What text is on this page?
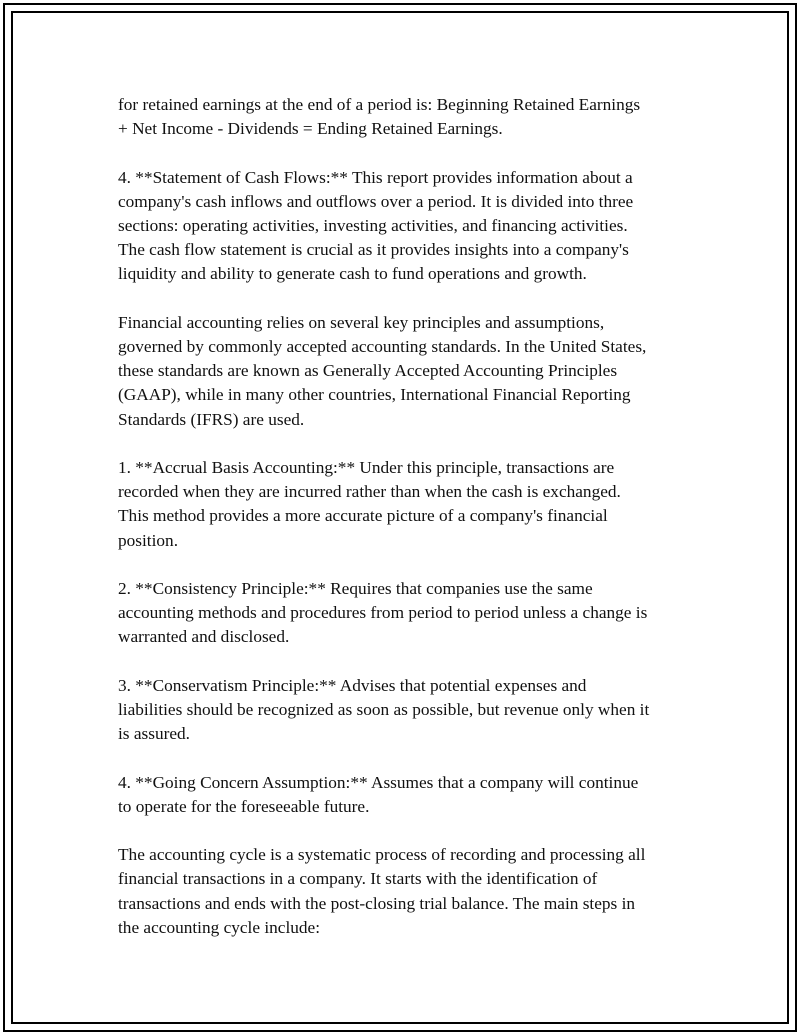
for retained earnings at the end of a period is: Beginning Retained Earnings
+ Net Income - Dividends = Ending Retained Earnings.

4. **Statement of Cash Flows:** This report provides information about a
company's cash inflows and outflows over a period. It is divided into three
sections: operating activities, investing activities, and financing activities.
The cash flow statement is crucial as it provides insights into a company's
liquidity and ability to generate cash to fund operations and growth.

Financial accounting relies on several key principles and assumptions,
governed by commonly accepted accounting standards. In the United States,
these standards are known as Generally Accepted Accounting Principles
(GAAP), while in many other countries, International Financial Reporting
Standards (IFRS) are used.

1. **Accrual Basis Accounting:** Under this principle, transactions are
recorded when they are incurred rather than when the cash is exchanged.
This method provides a more accurate picture of a company's financial
position.

2. **Consistency Principle:** Requires that companies use the same
accounting methods and procedures from period to period unless a change is
warranted and disclosed.

3. **Conservatism Principle:** Advises that potential expenses and
liabilities should be recognized as soon as possible, but revenue only when it
is assured.

4. **Going Concern Assumption:** Assumes that a company will continue
to operate for the foreseeable future.

The accounting cycle is a systematic process of recording and processing all
financial transactions in a company. It starts with the identification of
transactions and ends with the post-closing trial balance. The main steps in
the accounting cycle include:
